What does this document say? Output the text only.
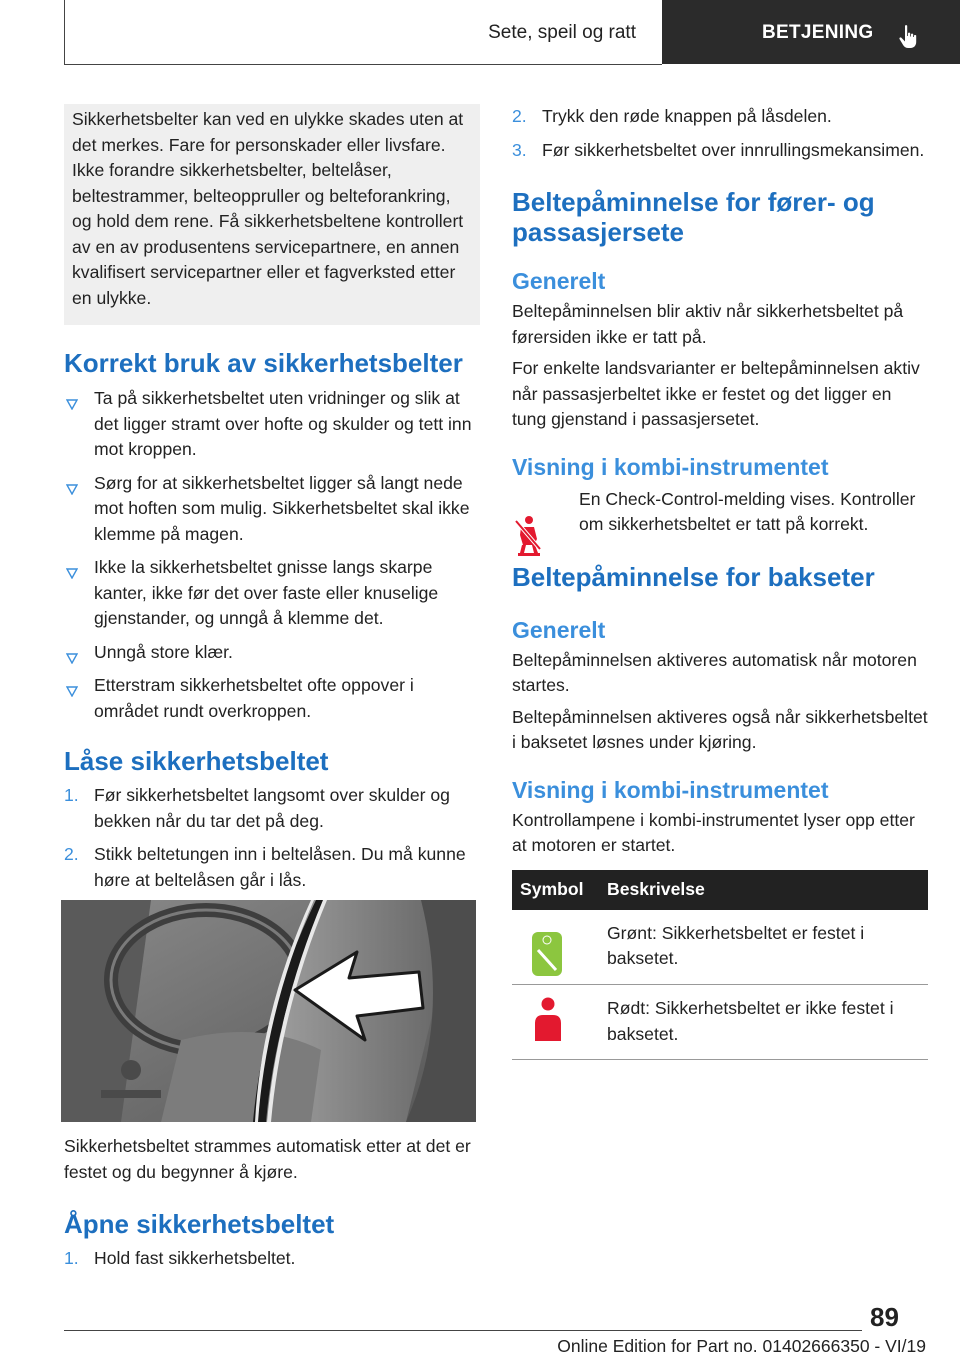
Sete, speil og ratt	BETJENING
Sikkerhetsbelter kan ved en ulykke skades uten at det merkes. Fare for personskader eller livsfare. Ikke forandre sikkerhetsbelter, beltelåser, beltestrammer, belteoppruller og belteforankring, og hold dem rene. Få sikkerhetsbeltene kontrollert av en av produsentens servicepartnere, en annen kvalifisert servicepartner eller et fagverksted etter en ulykke.
Korrekt bruk av sikkerhetsbelter
Ta på sikkerhetsbeltet uten vridninger og slik at det ligger stramt over hofte og skulder og tett inn mot kroppen.
Sørg for at sikkerhetsbeltet ligger så langt nede mot hoften som mulig. Sikkerhetsbeltet skal ikke klemme på magen.
Ikke la sikkerhetsbeltet gnisse langs skarpe kanter, ikke før det over faste eller knuselige gjenstander, og unngå å klemme det.
Unngå store klær.
Etterstram sikkerhetsbeltet ofte oppover i området rundt overkroppen.
Låse sikkerhetsbeltet
1. Før sikkerhetsbeltet langsomt over skulder og bekken når du tar det på deg.
2. Stikk beltetungen inn i beltelåsen. Du må kunne høre at beltelåsen går i lås.

Sikkerhetsbeltet strammes automatisk etter at det er festet og du begynner å kjøre.

Åpne sikkerhetsbeltet
1. Hold fast sikkerhetsbeltet.
2. Trykk den røde knappen på låsdelen.
3. Før sikkerhetsbeltet over innrullingsmekansimen.
Beltepåminnelse for fører- og passasjersete
Generelt

Beltepåminnelsen blir aktiv når sikkerhetsbeltet på førersiden ikke er tatt på.

For enkelte landsvarianter er beltepåminnelsen aktiv når passasjerbeltet ikke er festet og det ligger en tung gjenstand i passasjersetet.

Visning i kombi-instrumentet

En Check-Control-melding vises. Kontroller om sikkerhetsbeltet er tatt på korrekt.

Beltepåminnelse for bakseter
Generelt

Beltepåminnelsen aktiveres automatisk når motoren startes.

Beltepåminnelsen aktiveres også når sikkerhetsbeltet i baksetet løsnes under kjøring.

Visning i kombi-instrumentet

Kontrollampene i kombi-instrumentet lyser opp etter at motoren er startet.

Symbol	Beskrivelse
	Grønt: Sikkerhetsbeltet er festet i baksetet.
	Rødt: Sikkerhetsbeltet er ikke festet i baksetet.
89
Online Edition for Part no. 01402666350 - VI/19
